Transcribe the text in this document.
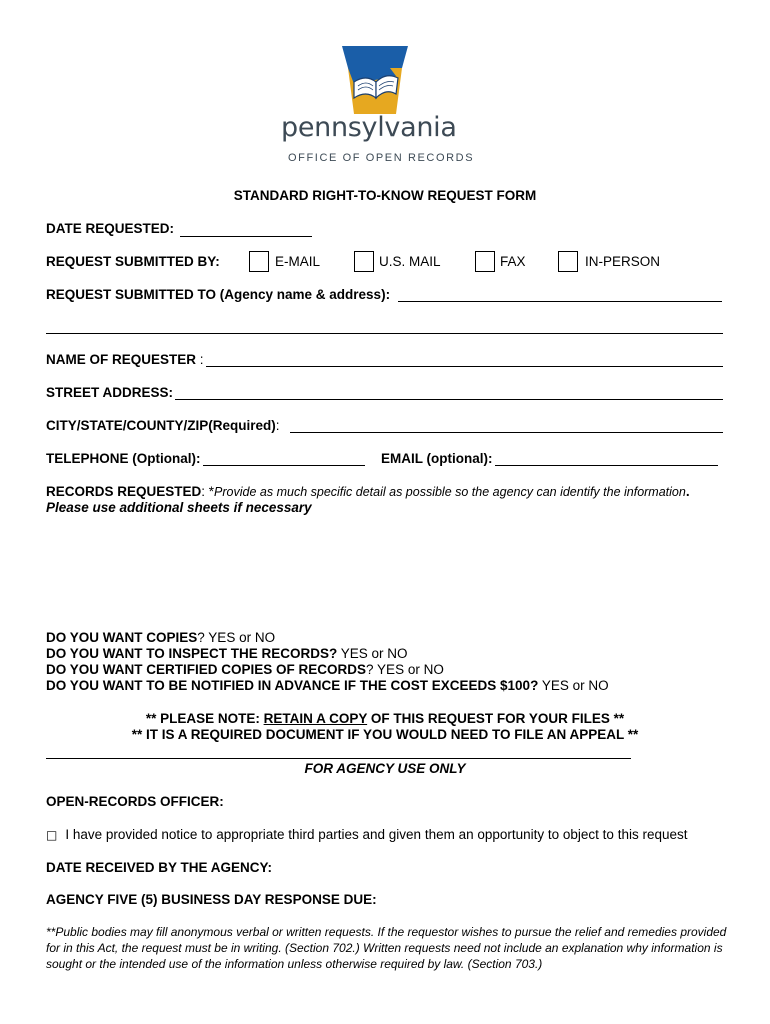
pennsylvania
OFFICE OF OPEN RECORDS
STANDARD RIGHT-TO-KNOW REQUEST FORM
DATE REQUESTED:
REQUEST SUBMITTED BY:	E-MAIL	U.S. MAIL	FAX	IN-PERSON
REQUEST SUBMITTED TO (Agency name & address):
NAME OF REQUESTER :
STREET ADDRESS:
CITY/STATE/COUNTY/ZIP(Required):
TELEPHONE (Optional):	EMAIL (optional):
RECORDS REQUESTED: *Provide as much specific detail as possible so the agency can identify the information.
Please use additional sheets if necessary
DO YOU WANT COPIES? YES or NO
DO YOU WANT TO INSPECT THE RECORDS? YES or NO
DO YOU WANT CERTIFIED COPIES OF RECORDS? YES or NO
DO YOU WANT TO BE NOTIFIED IN ADVANCE IF THE COST EXCEEDS $100? YES or NO
** PLEASE NOTE: RETAIN A COPY OF THIS REQUEST FOR YOUR FILES **
** IT IS A REQUIRED DOCUMENT IF YOU WOULD NEED TO FILE AN APPEAL **
FOR AGENCY USE ONLY
OPEN-RECORDS OFFICER:
□ I have provided notice to appropriate third parties and given them an opportunity to object to this request
DATE RECEIVED BY THE AGENCY:
AGENCY FIVE (5) BUSINESS DAY RESPONSE DUE:
**Public bodies may fill anonymous verbal or written requests. If the requestor wishes to pursue the relief and remedies provided for in this Act, the request must be in writing. (Section 702.) Written requests need not include an explanation why information is sought or the intended use of the information unless otherwise required by law. (Section 703.)
